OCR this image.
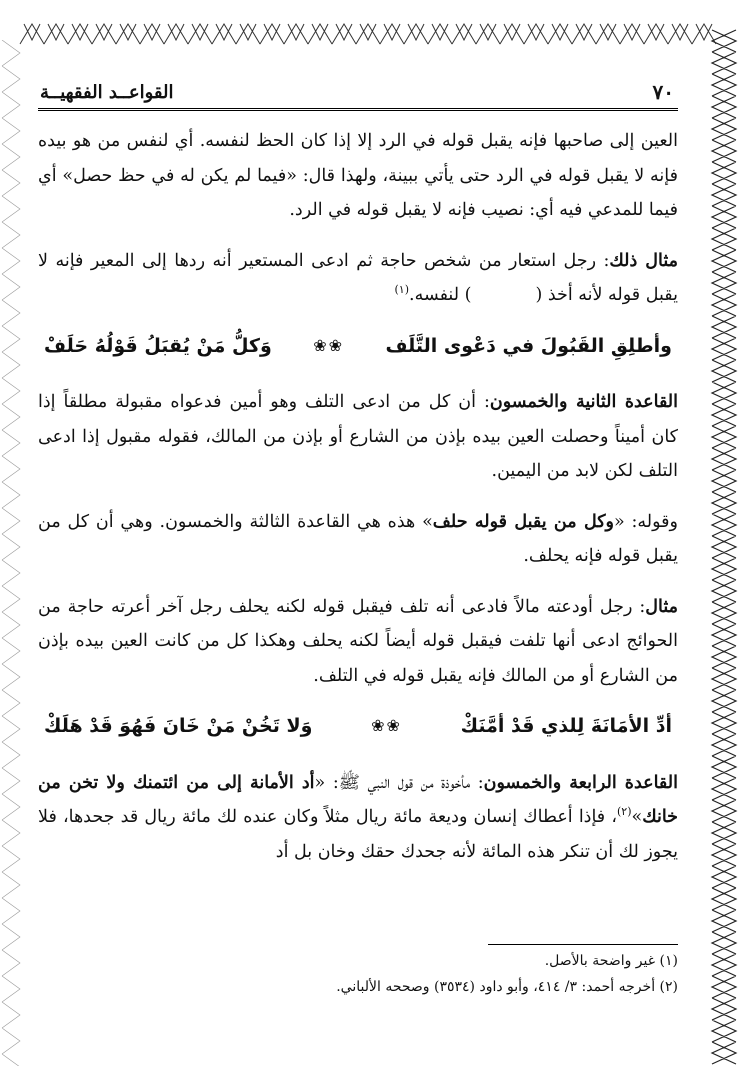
٧٠
القواعــد الفقهيــة

العين إلى صاحبها فإنه يقبل قوله في الرد إلا إذا كان الحظ لنفسه. أي لنفس من هو بيده فإنه لا يقبل قوله في الرد حتى يأتي ببينة، ولهذا قال: «فيما لم يكن له في حظ حصل» أي فيما للمدعي فيه أي: نصيب فإنه لا يقبل قوله في الرد.

مثال ذلك: رجل استعار من شخص حاجة ثم ادعى المستعير أنه ردها إلى المعير فإنه لا يقبل قوله لأنه أخذ () لنفسه.$^{(١)}$

وأطلِقِ القَبُولَ في دَعْوى التَّلَف
❀❀
وَكلُّ مَنْ يُقبَلُ قَوْلُهُ حَلَفْ

القاعدة الثانية والخمسون: أن كل من ادعى التلف وهو أمين فدعواه مقبولة مطلقاً إذا كان أميناً وحصلت العين بيده بإذن من الشارع أو بإذن من المالك، فقوله مقبول إذا ادعى التلف لكن لابد من اليمين.

وقوله: «وكل من يقبل قوله حلف» هذه هي القاعدة الثالثة والخمسون. وهي أن كل من يقبل قوله فإنه يحلف.

مثال: رجل أودعته مالاً فادعى أنه تلف فيقبل قوله لكنه يحلف رجل آخر أعرته حاجة من الحوائج ادعى أنها تلفت فيقبل قوله أيضاً لكنه يحلف وهكذا كل من كانت العين بيده بإذن من الشارع أو من المالك فإنه يقبل قوله في التلف.

أدِّ الأمَانَةَ لِلذي قَدْ أمَّنَكْ
❀❀
وَلا تَخُنْ مَنْ خَانَ فَهُوَ قَدْ هَلَكْ

القاعدة الرابعة والخمسون: مأخوذة من قول النبي ﷺ: «أد الأمانة إلى من ائتمنك ولا تخن من خانك»$^{(٢)}$، فإذا أعطاك إنسان وديعة مائة ريال مثلاً وكان عنده لك مائة ريال قد جحدها، فلا يجوز لك أن تنكر هذه المائة لأنه جحدك حقك وخان بل أد

(١) غير واضحة بالأصل.
(٢) أخرجه أحمد: ٣/ ٤١٤، وأبو داود (٣٥٣٤) وصححه الألباني.
